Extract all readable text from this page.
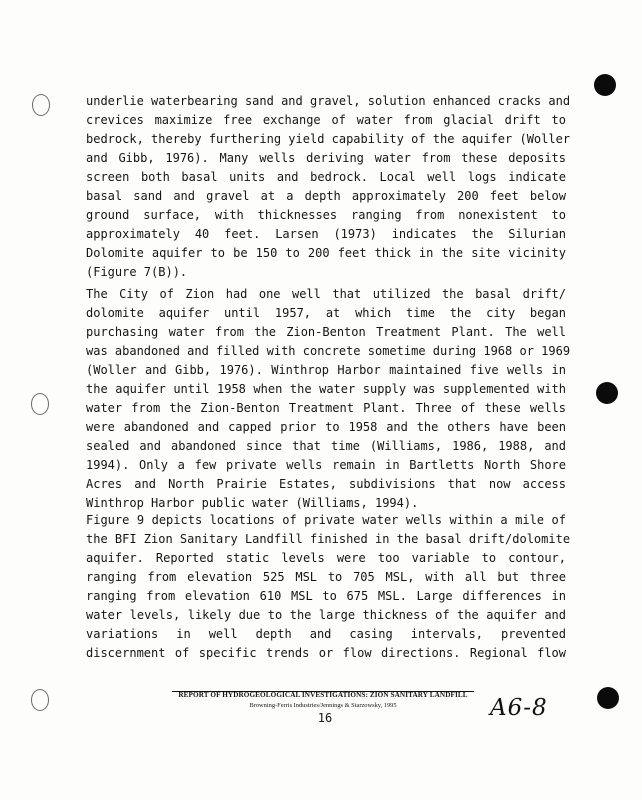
underlie waterbearing sand and gravel, solution enhanced cracks and
crevices maximize free exchange of water from glacial drift to
bedrock, thereby furthering yield capability of the aquifer (Woller
and Gibb, 1976). Many wells deriving water from these deposits
screen both basal units and bedrock. Local well logs indicate
basal sand and gravel at a depth approximately 200 feet below
ground surface, with thicknesses ranging from nonexistent to
approximately 40 feet. Larsen (1973) indicates the Silurian
Dolomite aquifer to be 150 to 200 feet thick in the site vicinity
(Figure 7(B)).

The City of Zion had one well that utilized the basal drift/
dolomite aquifer until 1957, at which time the city began
purchasing water from the Zion-Benton Treatment Plant. The well
was abandoned and filled with concrete sometime during 1968 or 1969
(Woller and Gibb, 1976). Winthrop Harbor maintained five wells in
the aquifer until 1958 when the water supply was supplemented with
water from the Zion-Benton Treatment Plant. Three of these wells
were abandoned and capped prior to 1958 and the others have been
sealed and abandoned since that time (Williams, 1986, 1988, and
1994). Only a few private wells remain in Bartletts North Shore
Acres and North Prairie Estates, subdivisions that now access
Winthrop Harbor public water (Williams, 1994).

Figure 9 depicts locations of private water wells within a mile of
the BFI Zion Sanitary Landfill finished in the basal drift/dolomite
aquifer. Reported static levels were too variable to contour,
ranging from elevation 525 MSL to 705 MSL, with all but three
ranging from elevation 610 MSL to 675 MSL. Large differences in
water levels, likely due to the large thickness of the aquifer and
variations in well depth and casing intervals, prevented
discernment of specific trends or flow directions. Regional flow

REPORT OF HYDROGEOLOGICAL INVESTIGATIONS: ZION SANITARY LANDFILL
Browning-Ferris Industries/Jennings & Starzowsky, 1995
16	A6-8
